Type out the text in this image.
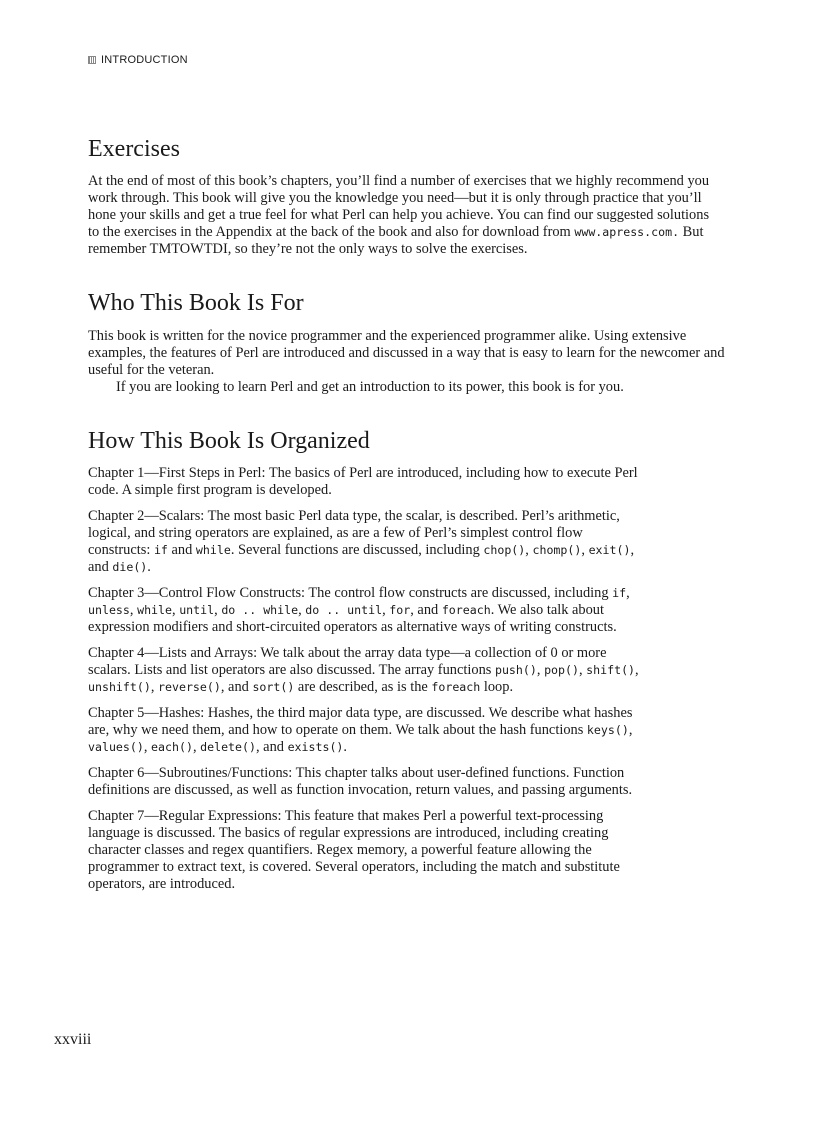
INTRODUCTION
Exercises

At the end of most of this book’s chapters, you’ll find a number of exercises that we highly recommend you work through. This book will give you the knowledge you need—but it is only through practice that you’ll hone your skills and get a true feel for what Perl can help you achieve. You can find our suggested solutions to the exercises in the Appendix at the back of the book and also for download from www.apress.com. But remember TMTOWTDI, so they’re not the only ways to solve the exercises.

Who This Book Is For

This book is written for the novice programmer and the experienced programmer alike. Using extensive examples, the features of Perl are introduced and discussed in a way that is easy to learn for the newcomer and useful for the veteran.

If you are looking to learn Perl and get an introduction to its power, this book is for you.

How This Book Is Organized

Chapter 1—First Steps in Perl: The basics of Perl are introduced, including how to execute Perl code. A simple first program is developed.

Chapter 2—Scalars: The most basic Perl data type, the scalar, is described. Perl’s arithmetic, logical, and string operators are explained, as are a few of Perl’s simplest control flow constructs: if and while. Several functions are discussed, including chop(), chomp(), exit(), and die().

Chapter 3—Control Flow Constructs: The control flow constructs are discussed, including if, unless, while, until, do .. while, do .. until, for, and foreach. We also talk about expression modifiers and short-circuited operators as alternative ways of writing constructs.

Chapter 4—Lists and Arrays: We talk about the array data type—a collection of 0 or more scalars. Lists and list operators are also discussed. The array functions push(), pop(), shift(), unshift(), reverse(), and sort() are described, as is the foreach loop.

Chapter 5—Hashes: Hashes, the third major data type, are discussed. We describe what hashes are, why we need them, and how to operate on them. We talk about the hash functions keys(), values(), each(), delete(), and exists().

Chapter 6—Subroutines/Functions: This chapter talks about user-defined functions. Function definitions are discussed, as well as function invocation, return values, and passing arguments.

Chapter 7—Regular Expressions: This feature that makes Perl a powerful text-processing language is discussed. The basics of regular expressions are introduced, including creating character classes and regex quantifiers. Regex memory, a powerful feature allowing the programmer to extract text, is covered. Several operators, including the match and substitute operators, are introduced.

xxviii
